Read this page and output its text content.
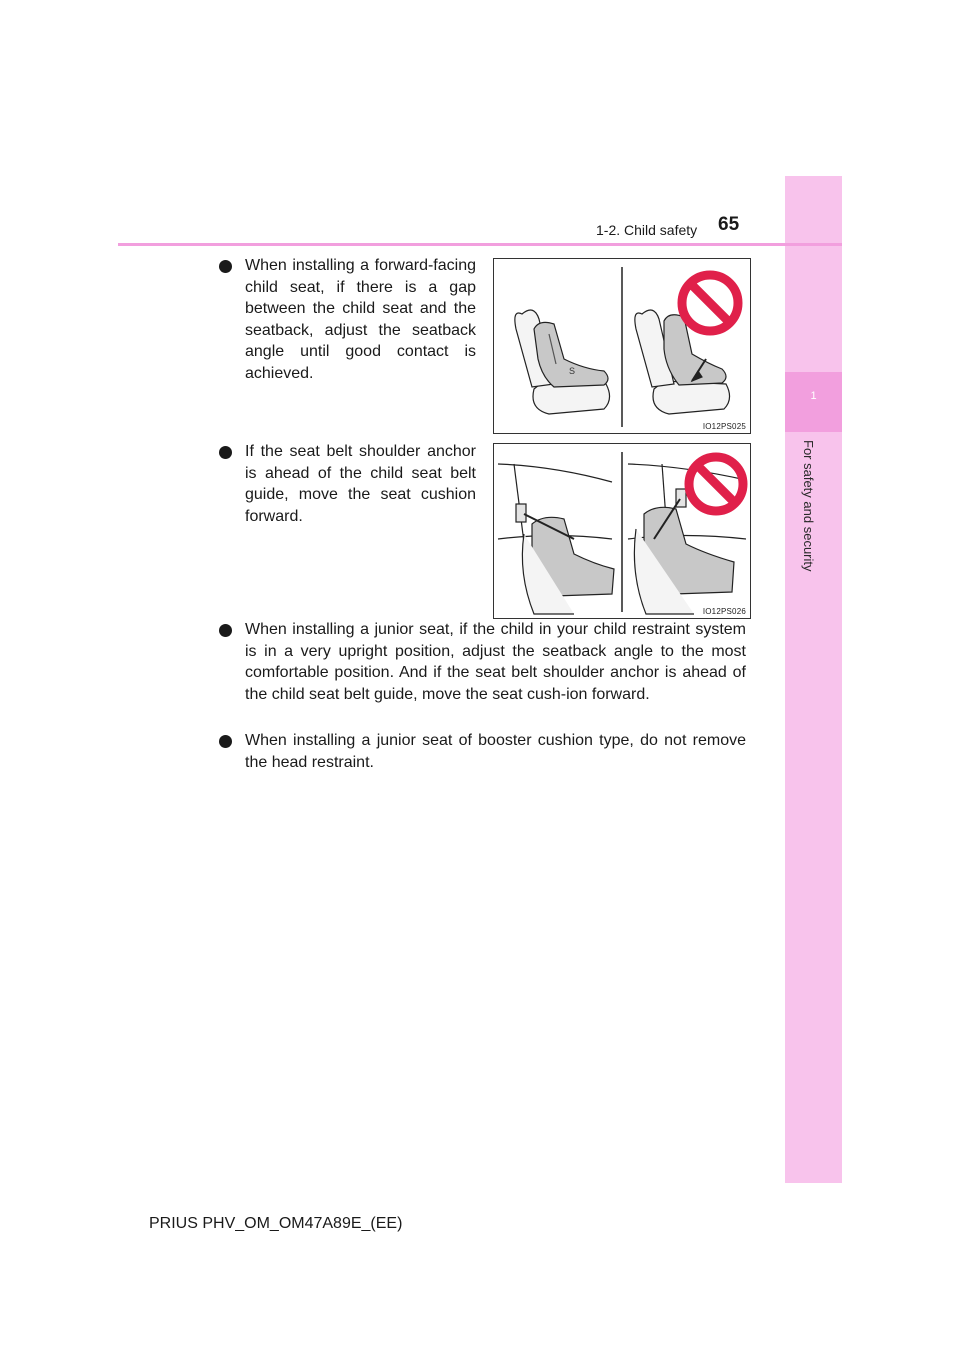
1
For safety and security
1-2. Child safety 65
When installing a forward-facing child seat, if there is a gap between the child seat and the seatback, adjust the seatback angle until good contact is achieved.
If the seat belt shoulder anchor is ahead of the child seat belt guide, move the seat cushion forward.
When installing a junior seat, if the child in your child restraint system is in a very upright position, adjust the seatback angle to the most comfortable position. And if the seat belt shoulder anchor is ahead of the child seat belt guide, move the seat cush-ion forward.
When installing a junior seat of booster cushion type, do not remove the head restraint.
S
IO12PS025
IO12PS026
PRIUS PHV_OM_OM47A89E_(EE)
